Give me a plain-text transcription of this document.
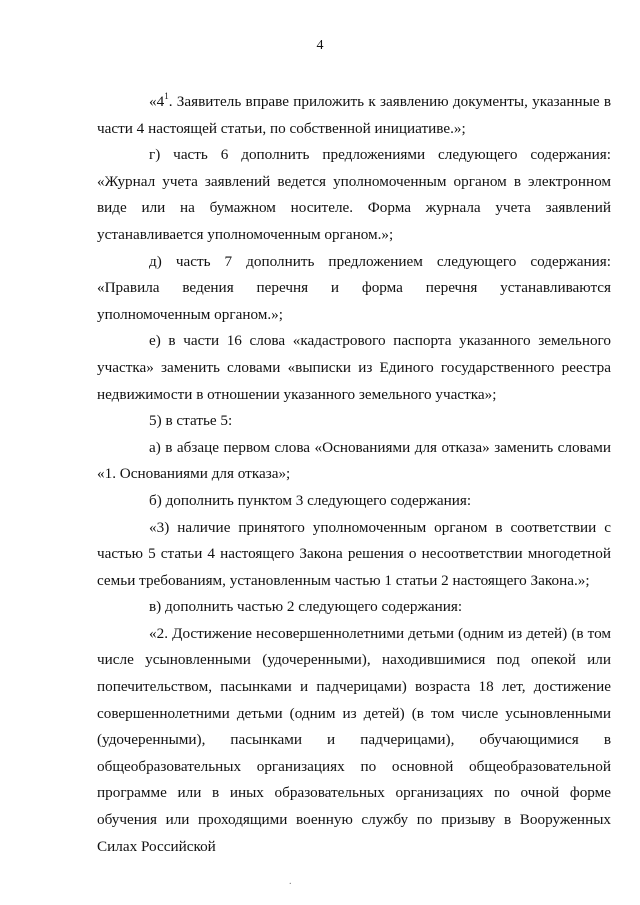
4

«$4^1$. Заявитель вправе приложить к заявлению документы, указанные в части 4 настоящей статьи, по собственной инициативе.»;

г) часть 6 дополнить предложениями следующего содержания: «Журнал учета заявлений ведется уполномоченным органом в электронном виде или на бумажном носителе. Форма журнала учета заявлений устанавливается уполномоченным органом.»;

д) часть 7 дополнить предложением следующего содержания: «Правила ведения перечня и форма перечня устанавливаются уполномоченным органом.»;

е) в части 16 слова «кадастрового паспорта указанного земельного участка» заменить словами «выписки из Единого государственного реестра недвижимости в отношении указанного земельного участка»;

5) в статье 5:

а) в абзаце первом слова «Основаниями для отказа» заменить словами «1. Основаниями для отказа»;

б) дополнить пунктом 3 следующего содержания:

«3) наличие принятого уполномоченным органом в соответствии с частью 5 статьи 4 настоящего Закона решения о несоответствии многодетной семьи требованиям, установленным частью 1 статьи 2 настоящего Закона.»;

в) дополнить частью 2 следующего содержания:

«2. Достижение несовершеннолетними детьми (одним из детей) (в том числе усыновленными (удочеренными), находившимися под опекой или попечительством, пасынками и падчерицами) возраста 18 лет, достижение совершеннолетними детьми (одним из детей) (в том числе усыновленными (удочеренными), пасынками и падчерицами), обучающимися в общеобразовательных организациях по основной общеобразовательной программе или в иных образовательных организациях по очной форме обучения или проходящими военную службу по призыву в Вооруженных Силах Российской

.
